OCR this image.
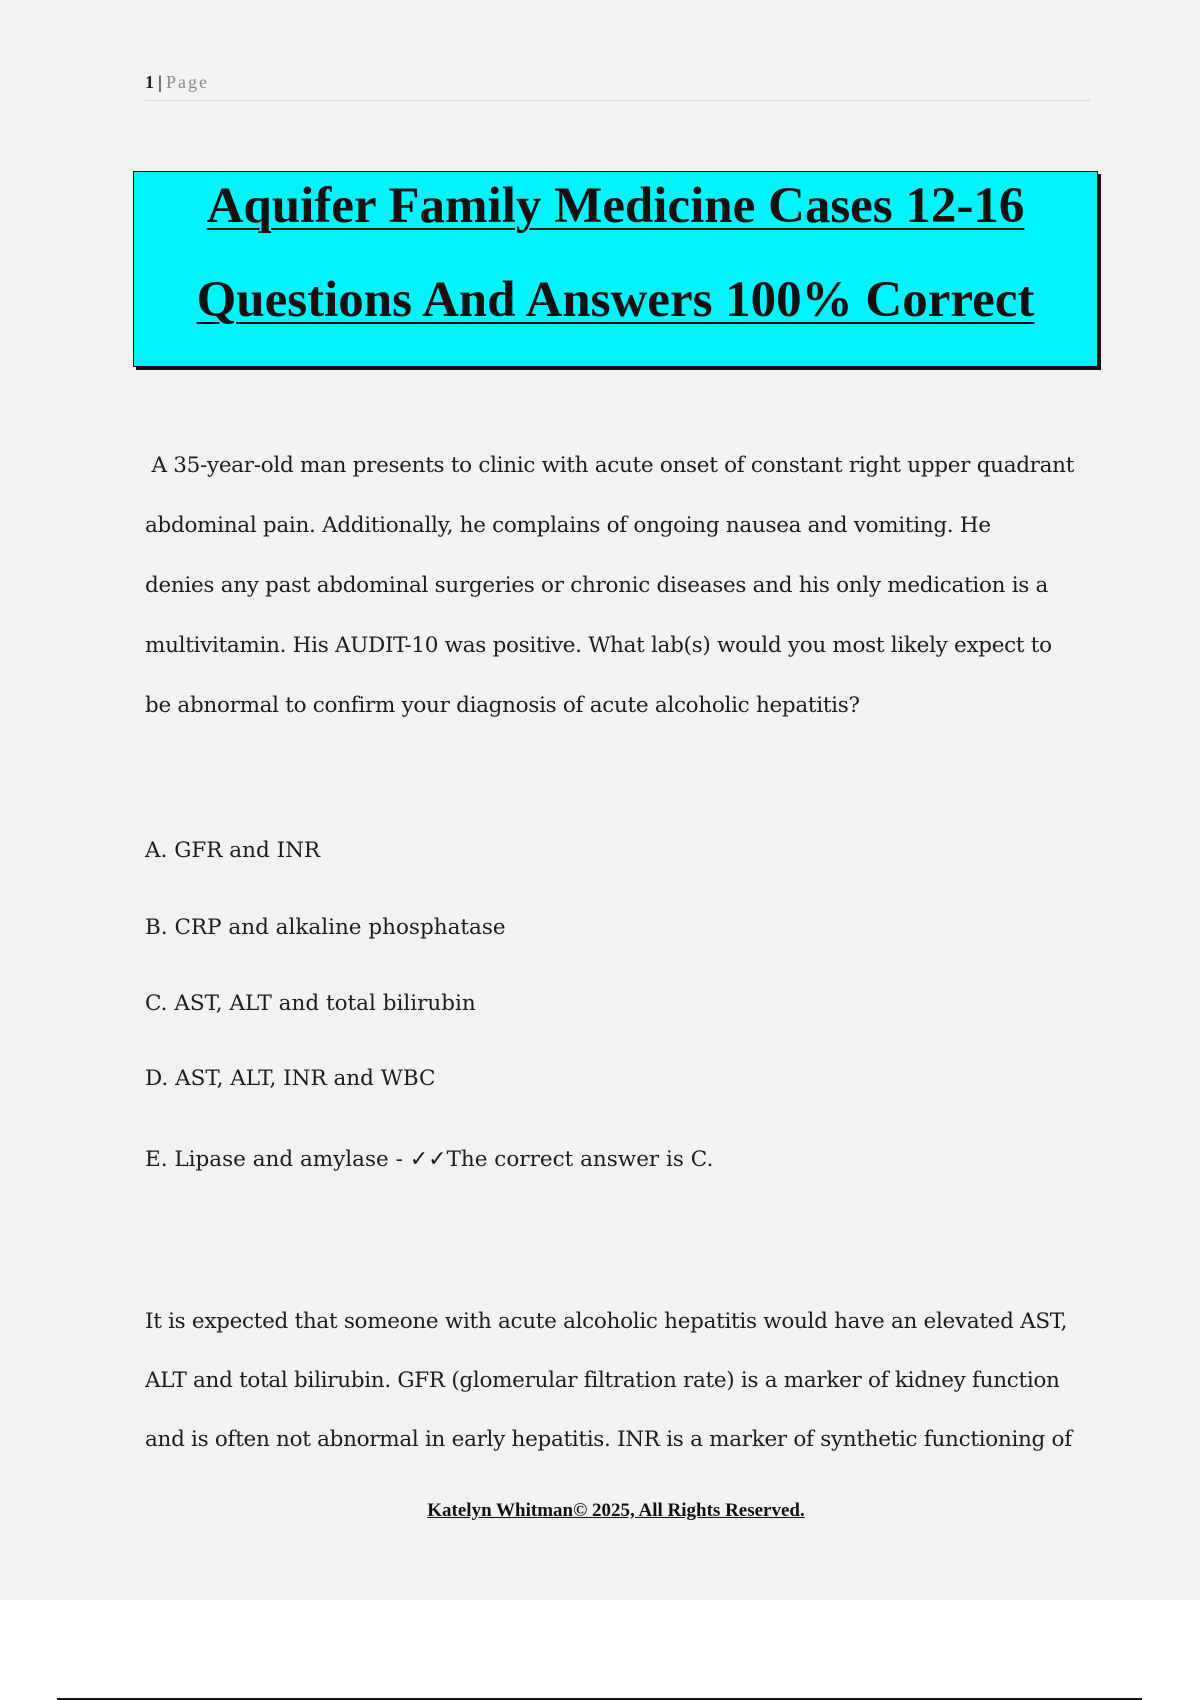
1 | Page
Aquifer Family Medicine Cases 12-16
Questions And Answers 100% Correct

A 35-year-old man presents to clinic with acute onset of constant right upper quadrant
abdominal pain. Additionally, he complains of ongoing nausea and vomiting. He
denies any past abdominal surgeries or chronic diseases and his only medication is a
multivitamin. His AUDIT-10 was positive. What lab(s) would you most likely expect to
be abnormal to confirm your diagnosis of acute alcoholic hepatitis?

A. GFR and INR

B. CRP and alkaline phosphatase

C. AST, ALT and total bilirubin

D. AST, ALT, INR and WBC

E. Lipase and amylase - ✓✓The correct answer is C.

It is expected that someone with acute alcoholic hepatitis would have an elevated AST,
ALT and total bilirubin. GFR (glomerular filtration rate) is a marker of kidney function
and is often not abnormal in early hepatitis. INR is a marker of synthetic functioning of

Katelyn Whitman© 2025, All Rights Reserved.
